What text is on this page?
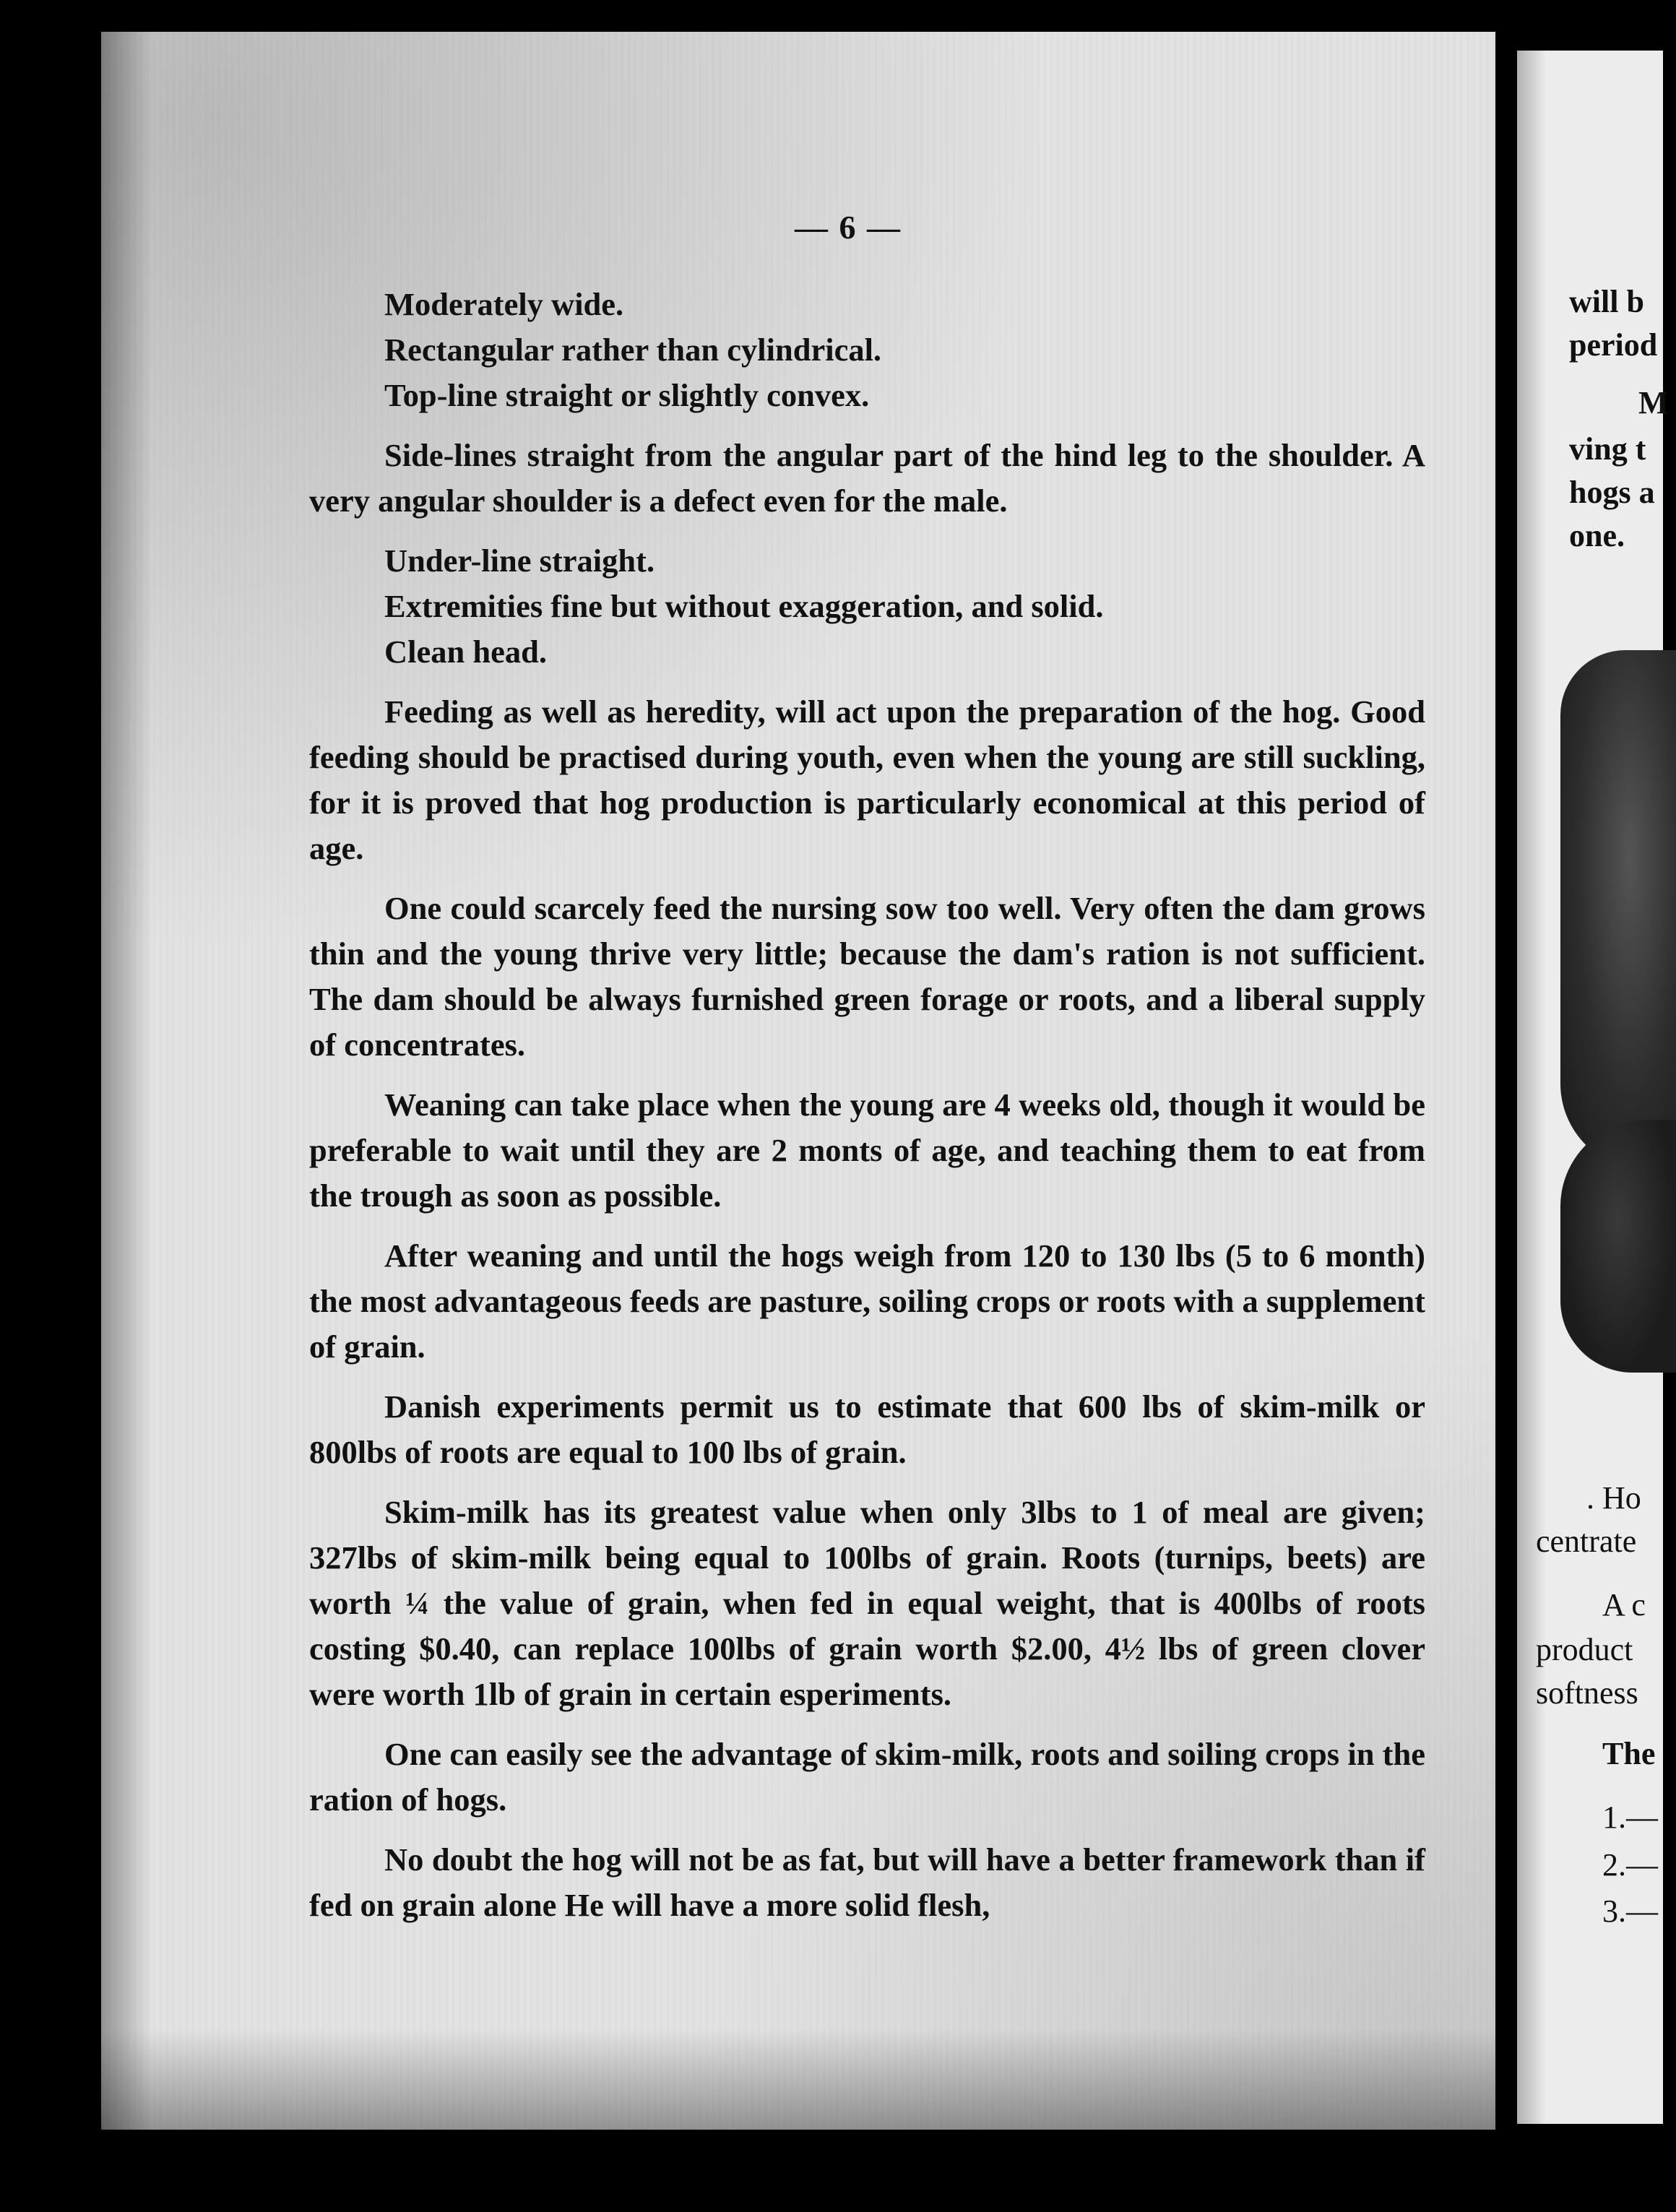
— 6 —
Moderately wide.
Rectangular rather than cylindrical.
Top-line straight or slightly convex.

Side-lines straight from the angular part of the hind leg to the shoulder. A very angular shoulder is a defect even for the male.

Under-line straight.
Extremities fine but without exaggeration, and solid.
Clean head.

Feeding as well as heredity, will act upon the preparation of the hog. Good feeding should be practised during youth, even when the young are still suckling, for it is proved that hog production is particularly economical at this period of age.

One could scarcely feed the nursing sow too well. Very often the dam grows thin and the young thrive very little; because the dam's ration is not sufficient. The dam should be always furnished green forage or roots, and a liberal supply of concentrates.

Weaning can take place when the young are 4 weeks old, though it would be preferable to wait until they are 2 monts of age, and teaching them to eat from the trough as soon as possible.

After weaning and until the hogs weigh from 120 to 130 lbs (5 to 6 month) the most advantageous feeds are pasture, soiling crops or roots with a supplement of grain.

Danish experiments permit us to estimate that 600 lbs of skim-milk or 800lbs of roots are equal to 100 lbs of grain.

Skim-milk has its greatest value when only 3lbs to 1 of meal are given; 327lbs of skim-milk being equal to 100lbs of grain. Roots (turnips, beets) are worth ¼ the value of grain, when fed in equal weight, that is 400lbs of roots costing $0.40, can replace 100lbs of grain worth $2.00, 4½ lbs of green clover were worth 1lb of grain in certain esperiments.

One can easily see the advantage of skim-milk, roots and soiling crops in the ration of hogs.

No doubt the hog will not be as fat, but will have a better framework than if fed on grain alone He will have a more solid flesh,

will b
period
M
ving t
hogs a
one.
. Ho
centrate
A c
product
softness
The
1.—
2.—
3.—
